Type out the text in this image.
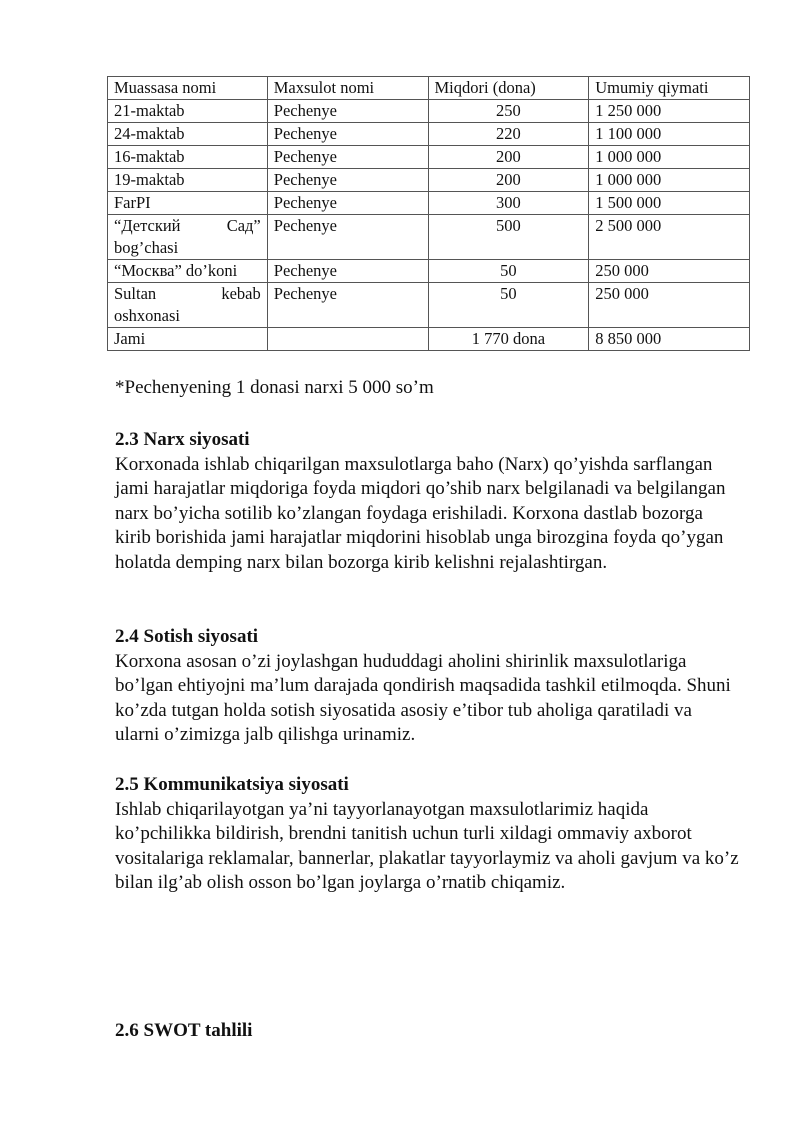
Muassasa nomi	Maxsulot nomi	Miqdori (dona)	Umumiy qiymati
21-maktab	Pechenye	250	1 250 000
24-maktab	Pechenye	220	1 100 000
16-maktab	Pechenye	200	1 000 000
19-maktab	Pechenye	200	1 000 000
FarPI	Pechenye	300	1 500 000
“Детский Сад” bog’chasi	Pechenye	500	2 500 000
“Москва” do’koni	Pechenye	50	250 000
Sultan kebab oshxonasi	Pechenye	50	250 000
Jami		1 770 dona	8 850 000
*Pechenyening 1 donasi narxi 5 000 so’m
2.3 Narx siyosati

Korxonada ishlab chiqarilgan maxsulotlarga baho (Narx) qo’yishda sarflangan jami harajatlar miqdoriga foyda miqdori qo’shib narx belgilanadi va belgilangan narx bo’yicha sotilib ko’zlangan foydaga erishiladi. Korxona dastlab bozorga kirib borishida jami harajatlar miqdorini hisoblab unga birozgina foyda qo’ygan holatda demping narx bilan bozorga kirib kelishni rejalashtirgan.

2.4 Sotish siyosati

Korxona asosan o’zi joylashgan hududdagi aholini shirinlik maxsulotlariga bo’lgan ehtiyojni ma’lum darajada qondirish maqsadida tashkil etilmoqda. Shuni ko’zda tutgan holda sotish siyosatida asosiy e’tibor tub aholiga qaratiladi va ularni o’zimizga jalb qilishga urinamiz.

2.5 Kommunikatsiya siyosati

Ishlab chiqarilayotgan ya’ni tayyorlanayotgan maxsulotlarimiz haqida ko’pchilikka bildirish, brendni tanitish uchun turli xildagi ommaviy axborot vositalariga reklamalar, bannerlar, plakatlar tayyorlaymiz va aholi gavjum va ko’z bilan ilg’ab olish osson bo’lgan joylarga o’rnatib chiqamiz.

2.6 SWOT tahlili
